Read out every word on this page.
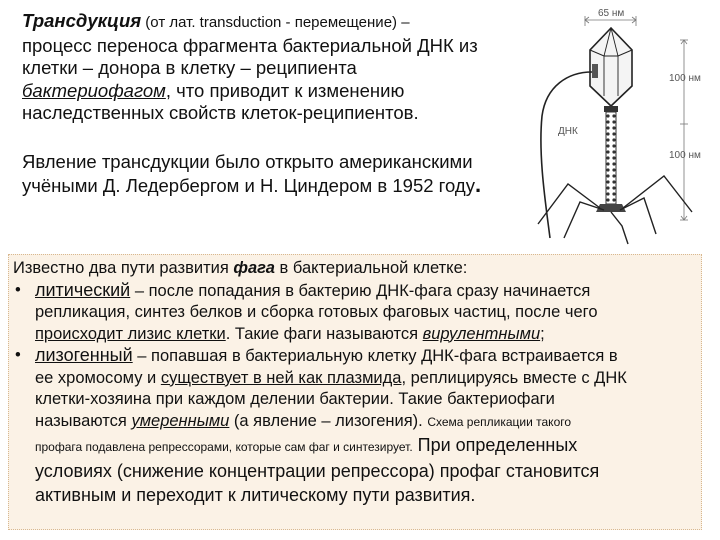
Трансдукция (от лат. transduction - перемещение) –
процесс переноса фрагмента бактериальной ДНК из
клетки – донора в клетку – реципиента
бактериофагом, что приводит к изменению
наследственных свойств клеток-реципиентов.
Явление трансдукции было открыто американскими
учёными Д. Ледербергом и Н. Циндером в 1952 году.
65 нм
100 нм
100 нм
ДНК
Известно два пути развития фага в бактериальной клетке:
• литический – после попадания в бактерию ДНК-фага сразу начинается
репликация, синтез белков и сборка готовых фаговых частиц, после чего
происходит лизис клетки. Такие фаги называются вирулентными;
• лизогенный – попавшая в бактериальную клетку ДНК-фага встраивается в
ее хромосому и существует в ней как плазмида, реплицируясь вместе с ДНК
клетки-хозяина при каждом делении бактерии. Такие бактериофаги
называются умеренными (а явление – лизогения). Схема репликации такого
профага подавлена репрессорами, которые сам фаг и синтезирует. При определенных
условиях (снижение концентрации репрессора) профаг становится
активным и переходит к литическому пути развития.
